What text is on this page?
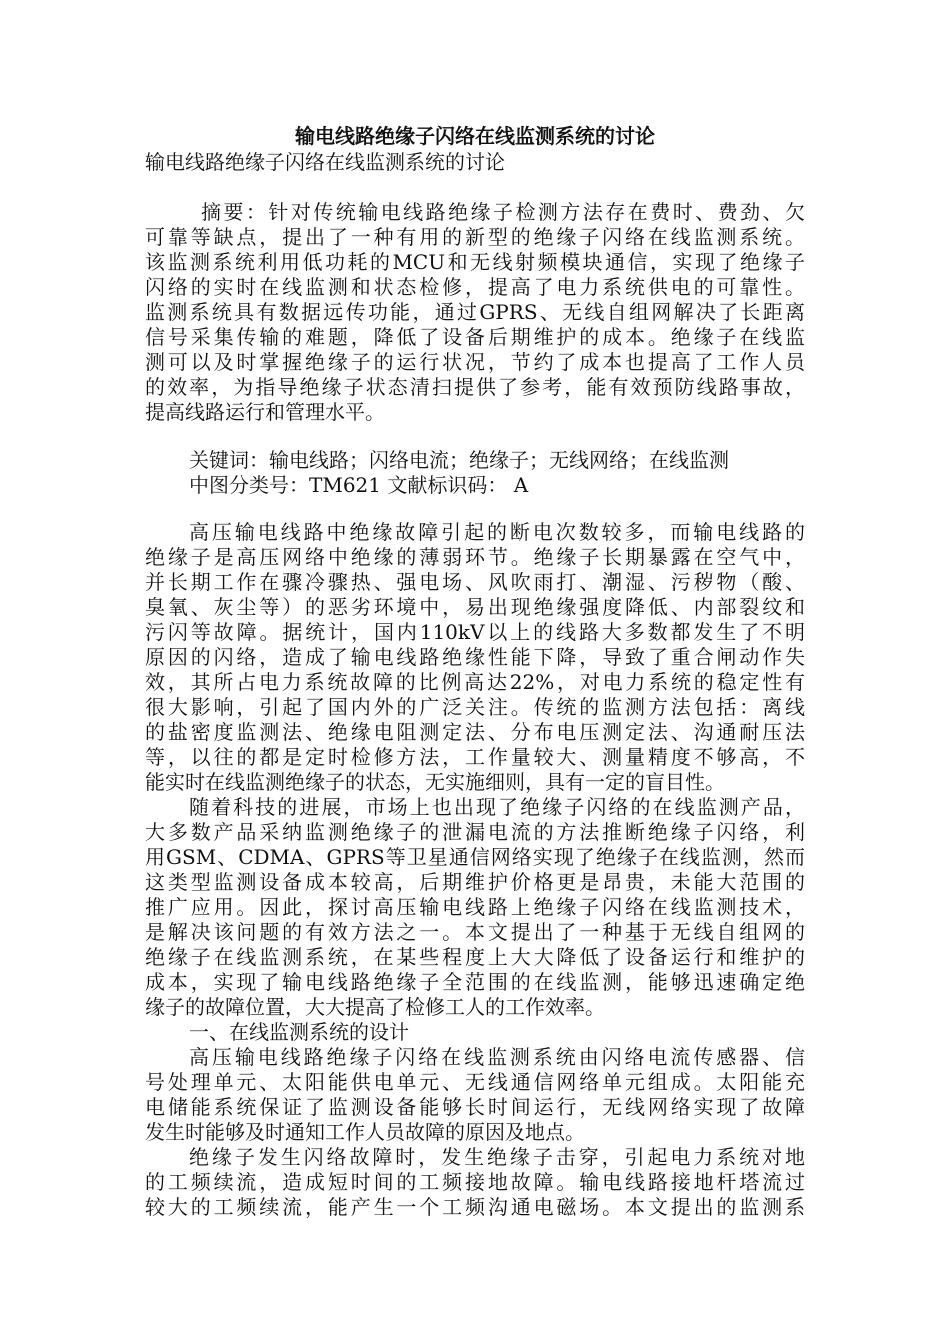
输电线路绝缘子闪络在线监测系统的讨论
输电线路绝缘子闪络在线监测系统的讨论
摘要：针对传统输电线路绝缘子检测方法存在费时、费劲、欠
可靠等缺点，提出了一种有用的新型的绝缘子闪络在线监测系统。
该监测系统利用低功耗的MCU和无线射频模块通信，实现了绝缘子
闪络的实时在线监测和状态检修，提高了电力系统供电的可靠性。
监测系统具有数据远传功能，通过GPRS、无线自组网解决了长距离
信号采集传输的难题，降低了设备后期维护的成本。绝缘子在线监
测可以及时掌握绝缘子的运行状况，节约了成本也提高了工作人员
的效率，为指导绝缘子状态清扫提供了参考，能有效预防线路事故，
提高线路运行和管理水平。
关键词：输电线路；闪络电流；绝缘子；无线网络；在线监测
中图分类号：TM621 文献标识码： A
高压输电线路中绝缘故障引起的断电次数较多，而输电线路的
绝缘子是高压网络中绝缘的薄弱环节。绝缘子长期暴露在空气中，
并长期工作在骤冷骤热、强电场、风吹雨打、潮湿、污秽物（酸、
臭氧、灰尘等）的恶劣环境中，易出现绝缘强度降低、内部裂纹和
污闪等故障。据统计，国内110kV以上的线路大多数都发生了不明
原因的闪络，造成了输电线路绝缘性能下降，导致了重合闸动作失
效，其所占电力系统故障的比例高达22%，对电力系统的稳定性有
很大影响，引起了国内外的广泛关注。传统的监测方法包括：离线
的盐密度监测法、绝缘电阻测定法、分布电压测定法、沟通耐压法
等，以往的都是定时检修方法，工作量较大、测量精度不够高，不
能实时在线监测绝缘子的状态，无实施细则，具有一定的盲目性。
随着科技的进展，市场上也出现了绝缘子闪络的在线监测产品，
大多数产品采纳监测绝缘子的泄漏电流的方法推断绝缘子闪络，利
用GSM、CDMA、GPRS等卫星通信网络实现了绝缘子在线监测，然而
这类型监测设备成本较高，后期维护价格更是昂贵，未能大范围的
推广应用。因此，探讨高压输电线路上绝缘子闪络在线监测技术，
是解决该问题的有效方法之一。本文提出了一种基于无线自组网的
绝缘子在线监测系统，在某些程度上大大降低了设备运行和维护的
成本，实现了输电线路绝缘子全范围的在线监测，能够迅速确定绝
缘子的故障位置，大大提高了检修工人的工作效率。
一、在线监测系统的设计
高压输电线路绝缘子闪络在线监测系统由闪络电流传感器、信
号处理单元、太阳能供电单元、无线通信网络单元组成。太阳能充
电储能系统保证了监测设备能够长时间运行，无线网络实现了故障
发生时能够及时通知工作人员故障的原因及地点。
绝缘子发生闪络故障时，发生绝缘子击穿，引起电力系统对地
的工频续流，造成短时间的工频接地故障。输电线路接地杆塔流过
较大的工频续流，能产生一个工频沟通电磁场。本文提出的监测系
